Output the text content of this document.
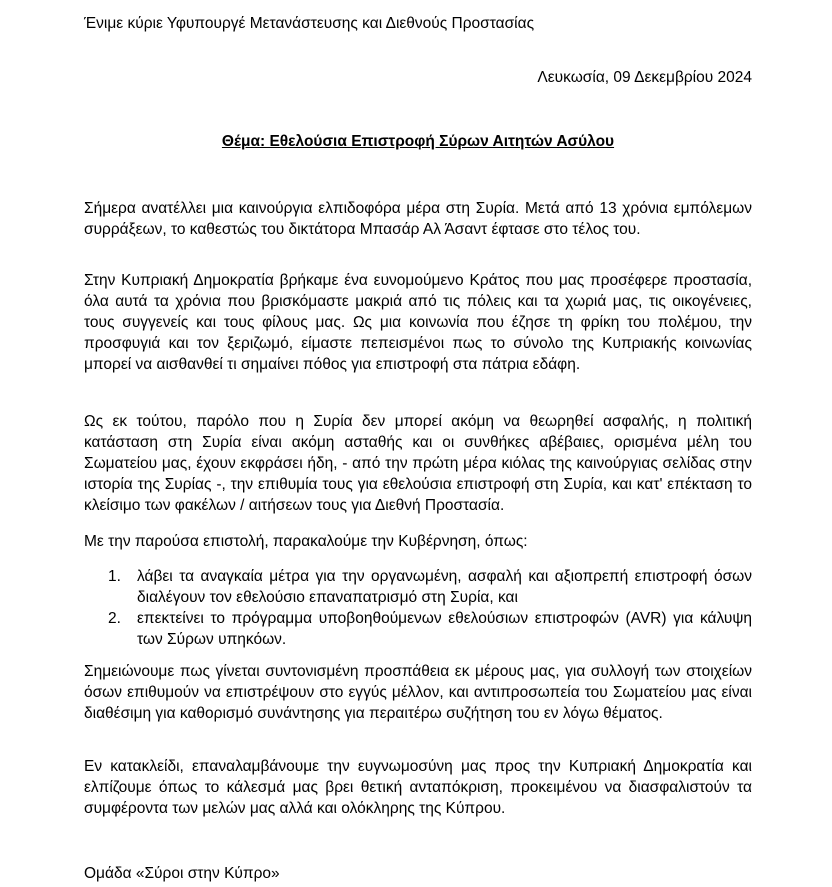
Ένιμε κύριε Υφυπουργέ Μετανάστευσης και Διεθνούς Προστασίας
Λευκωσία, 09 Δεκεμβρίου 2024
Θέμα: Εθελούσια Επιστροφή Σύρων Αιτητών Ασύλου

Σήμερα ανατέλλει μια καινούργια ελπιδοφόρα μέρα στη Συρία. Μετά από 13 χρόνια εμπόλεμων συρράξεων, το καθεστώς του δικτάτορα Μπασάρ Αλ Άσαντ έφτασε στο τέλος του.

Στην Κυπριακή Δημοκρατία βρήκαμε ένα ευνομούμενο Κράτος που μας προσέφερε προστασία, όλα αυτά τα χρόνια που βρισκόμαστε μακριά από τις πόλεις και τα χωριά μας, τις οικογένειες, τους συγγενείς και τους φίλους μας. Ως μια κοινωνία που έζησε τη φρίκη του πολέμου, την προσφυγιά και τον ξεριζωμό, είμαστε πεπεισμένοι πως το σύνολο της Κυπριακής κοινωνίας μπορεί να αισθανθεί τι σημαίνει πόθος για επιστροφή στα πάτρια εδάφη.

Ως εκ τούτου, παρόλο που η Συρία δεν μπορεί ακόμη να θεωρηθεί ασφαλής, η πολιτική κατάσταση στη Συρία είναι ακόμη ασταθής και οι συνθήκες αβέβαιες, ορισμένα μέλη του Σωματείου μας, έχουν εκφράσει ήδη, - από την πρώτη μέρα κιόλας της καινούργιας σελίδας στην ιστορία της Συρίας -, την επιθυμία τους για εθελούσια επιστροφή στη Συρία, και κατ' επέκταση το κλείσιμο των φακέλων / αιτήσεων τους για Διεθνή Προστασία.

Με την παρούσα επιστολή, παρακαλούμε την Κυβέρνηση, όπως:

1. λάβει τα αναγκαία μέτρα για την οργανωμένη, ασφαλή και αξιοπρεπή επιστροφή όσων διαλέγουν τον εθελούσιο επαναπατρισμό στη Συρία, και
2. επεκτείνει το πρόγραμμα υποβοηθούμενων εθελούσιων επιστροφών (AVR) για κάλυψη των Σύρων υπηκόων.

Σημειώνουμε πως γίνεται συντονισμένη προσπάθεια εκ μέρους μας, για συλλογή των στοιχείων όσων επιθυμούν να επιστρέψουν στο εγγύς μέλλον, και αντιπροσωπεία του Σωματείου μας είναι διαθέσιμη για καθορισμό συνάντησης για περαιτέρω συζήτηση του εν λόγω θέματος.

Εν κατακλείδι, επαναλαμβάνουμε την ευγνωμοσύνη μας προς την Κυπριακή Δημοκρατία και ελπίζουμε όπως το κάλεσμά μας βρει θετική ανταπόκριση, προκειμένου να διασφαλιστούν τα συμφέροντα των μελών μας αλλά και ολόκληρης της Κύπρου.

Ομάδα «Σύροι στην Κύπρο»
